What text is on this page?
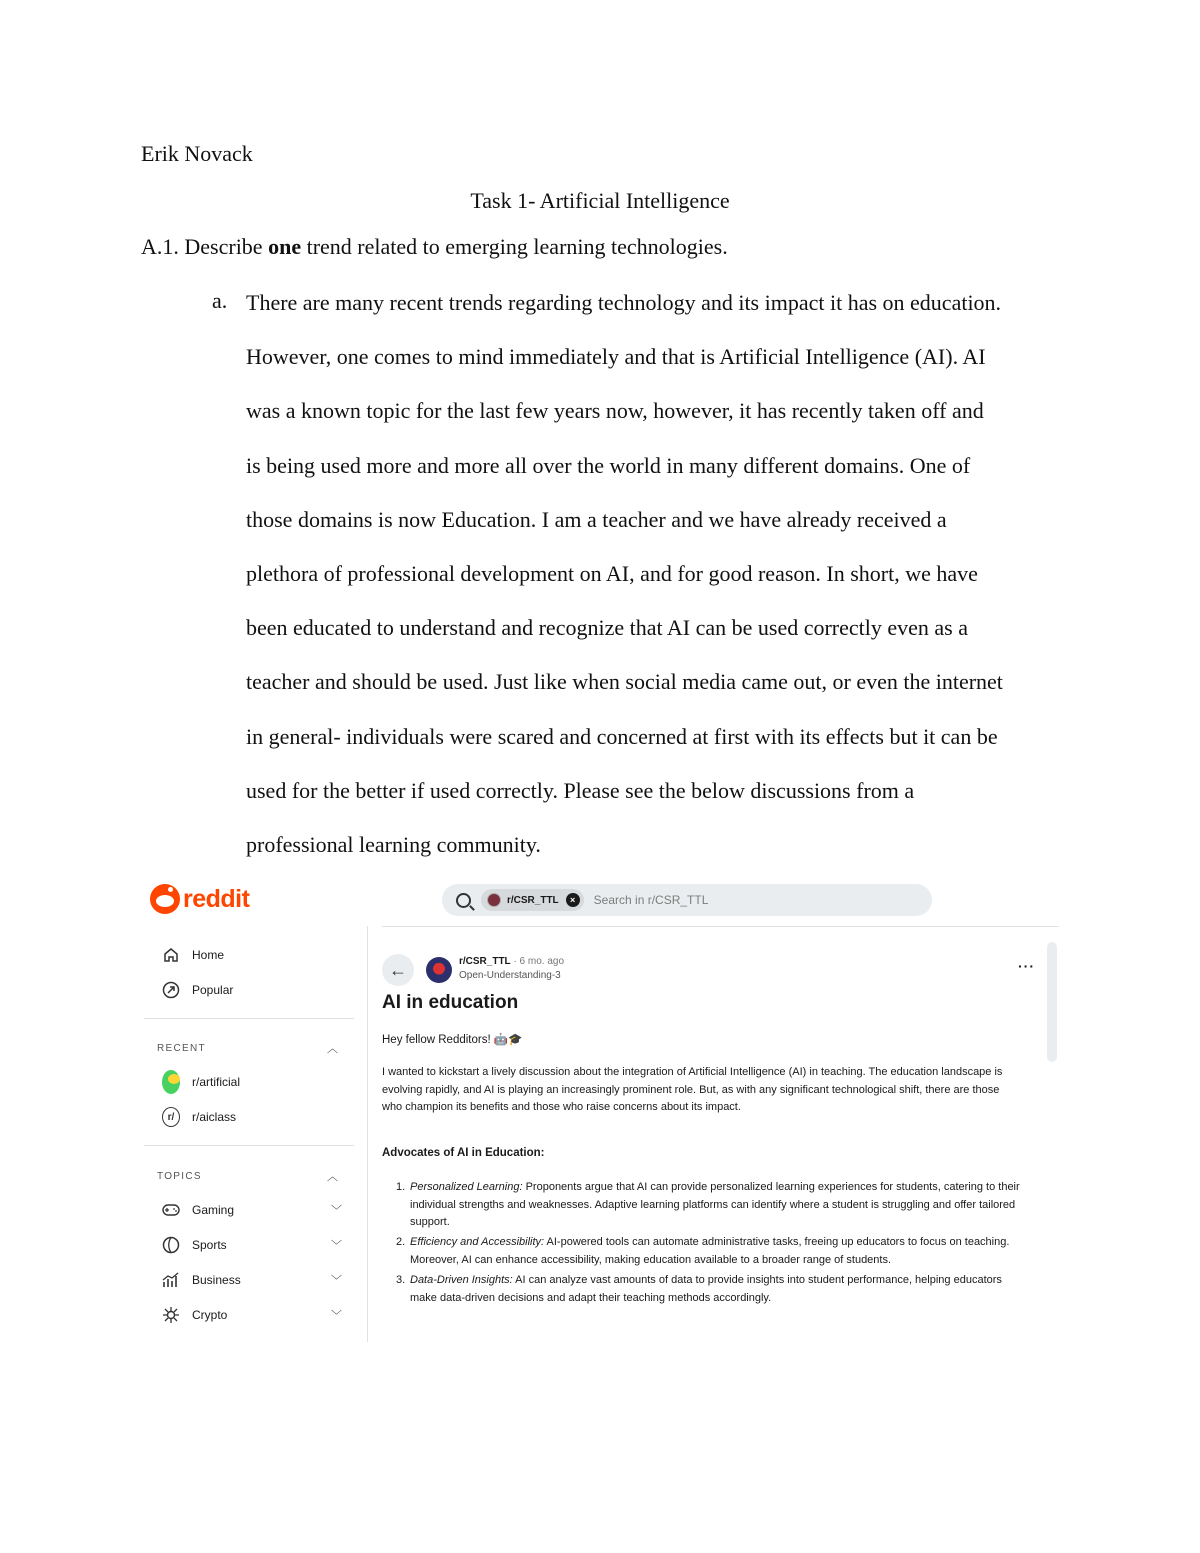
Erik Novack
Task 1- Artificial Intelligence
A.1. Describe one trend related to emerging learning technologies.
a. There are many recent trends regarding technology and its impact it has on education.
However, one comes to mind immediately and that is Artificial Intelligence (AI). AI
was a known topic for the last few years now, however, it has recently taken off and
is being used more and more all over the world in many different domains. One of
those domains is now Education. I am a teacher and we have already received a
plethora of professional development on AI, and for good reason. In short, we have
been educated to understand and recognize that AI can be used correctly even as a
teacher and should be used. Just like when social media came out, or even the internet
in general- individuals were scared and concerned at first with its effects but it can be
used for the better if used correctly. Please see the below discussions from a
professional learning community.
reddit	r/CSR_TTL	×	Search in r/CSR_TTL
Home
Popular
RECENT	︿
r/artificial
r/	r/aiclass
TOPICS	︿
Gaming	﹀
Sports	﹀
Business	﹀
Crypto	﹀
←	r/CSR_TTL · 6 mo. ago
Open-Understanding-3
···
AI in education
Hey fellow Redditors! 🤖🎓
I wanted to kickstart a lively discussion about the integration of Artificial Intelligence (AI) in teaching. The education landscape is evolving rapidly, and AI is playing an increasingly prominent role. But, as with any significant technological shift, there are those who champion its benefits and those who raise concerns about its impact.
Advocates of AI in Education:
1. Personalized Learning: Proponents argue that AI can provide personalized learning experiences for students, catering to their individual strengths and weaknesses. Adaptive learning platforms can identify where a student is struggling and offer tailored support.
2. Efficiency and Accessibility: AI-powered tools can automate administrative tasks, freeing up educators to focus on teaching. Moreover, AI can enhance accessibility, making education available to a broader range of students.
3. Data-Driven Insights: AI can analyze vast amounts of data to provide insights into student performance, helping educators make data-driven decisions and adapt their teaching methods accordingly.
